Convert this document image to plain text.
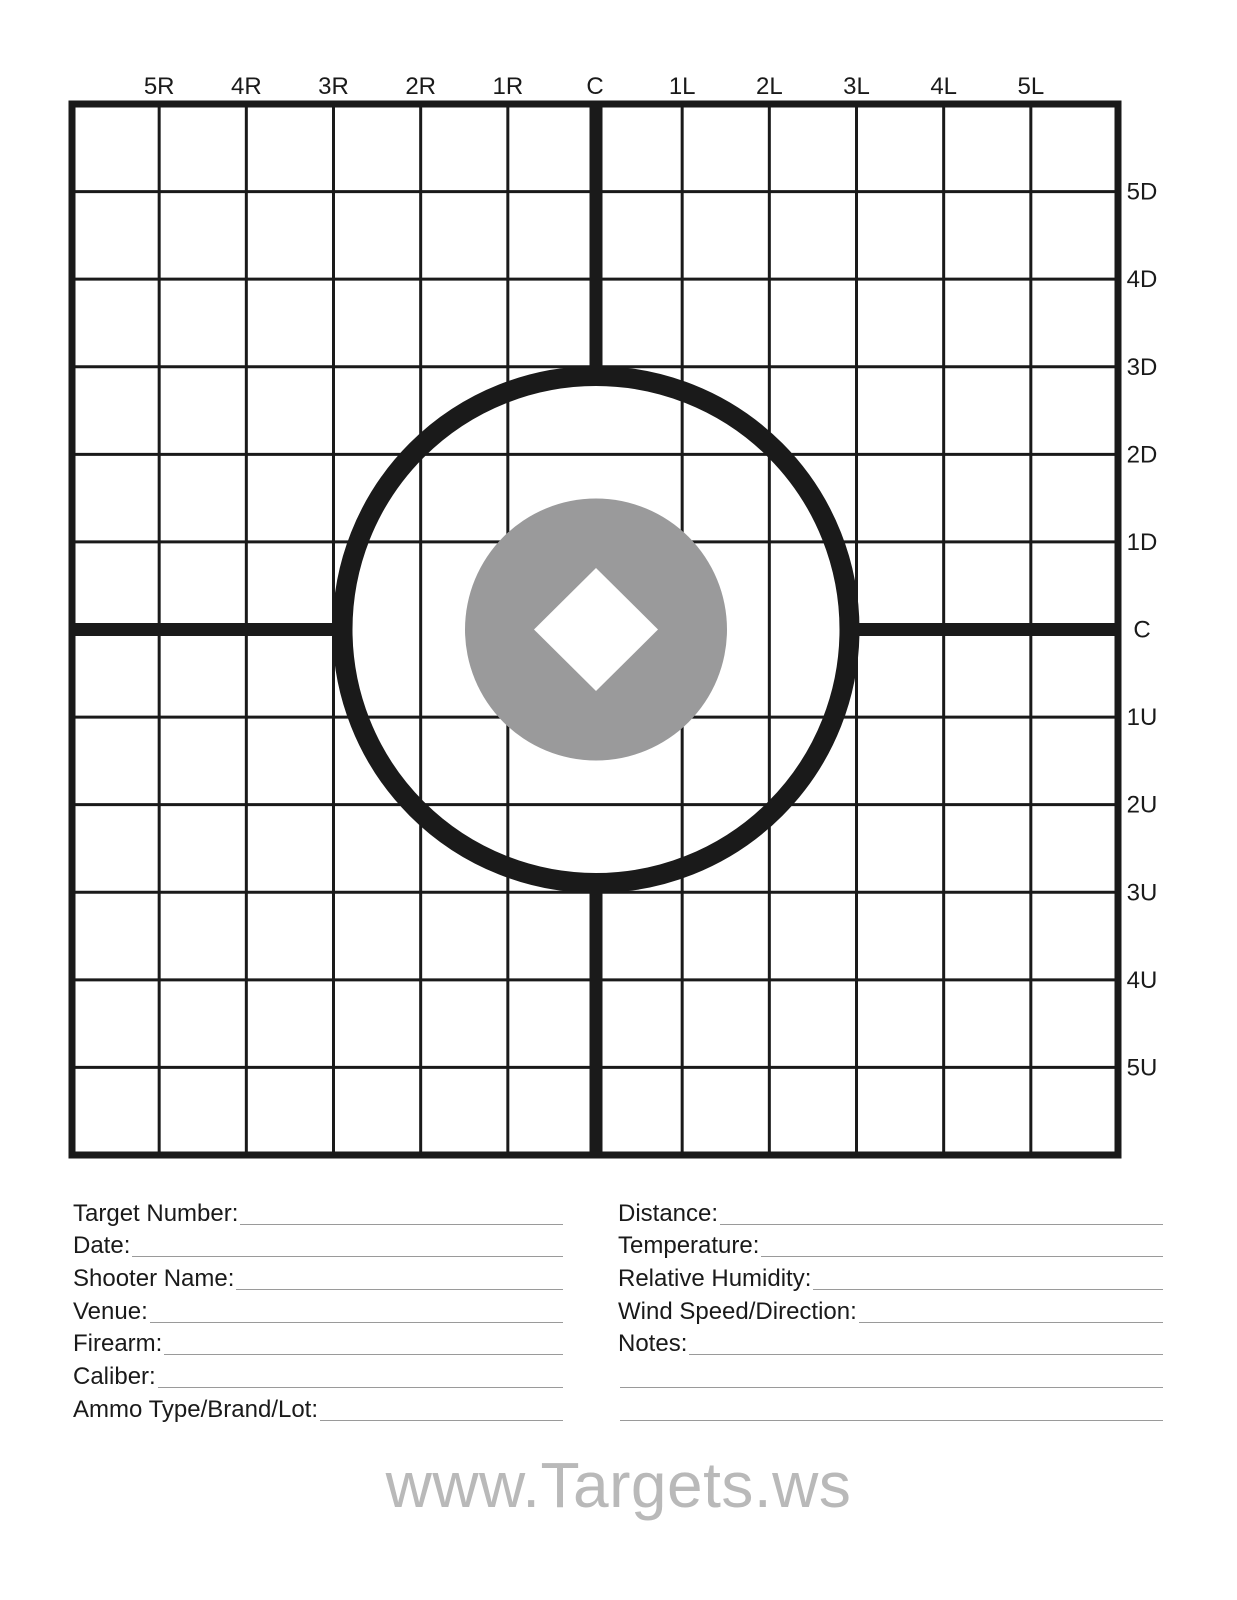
5R 4R 3R 2R 1R	C	1L	2L	3L	4L	5L
5D
4D
3D
2D
1D
C
1U
2U
3U
4U
5U
Target Number:
Date:
Shooter Name:
Venue:
Firearm:
Caliber:
Ammo Type/Brand/Lot:
Distance:
Temperature:
Relative Humidity:
Wind Speed/Direction:
Notes:
www.Targets.ws
